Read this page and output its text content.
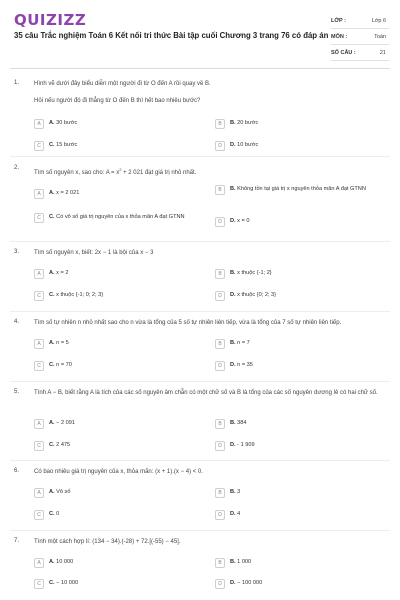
QUIZIZZ
35 câu Trắc nghiệm Toán 6 Kết nối tri thức Bài tập cuối Chương 3 trang 76 có đáp án
LỚP :	Lớp 6
MÔN :	Toán
SỐ CÂU :	21
1. Hình vẽ dưới đây biểu diễn một người đi từ O đến A rồi quay về B.
Hỏi nếu người đó đi thẳng từ O đến B thì hết bao nhiêu bước?
A	A. 30 bước	B	B. 20 bước
C	C. 15 bước	D	D. 10 bước
2.
Tìm số nguyên x, sao cho: $A = x^2 + 2$ 021 đạt giá trị nhỏ nhất.
A	A. x = 2 021	B	B. Không tồn tại giá trị x nguyên thỏa mãn A đạt GTNN
C	C. Có vô số giá trị nguyên của x thỏa mãn A đạt GTNN
D	D. x = 0
3. Tìm số nguyên x, biết: 2x − 1 là bội của x − 3
A	A. x = 2	B	B. x thuộc {-1; 2}
C	C. x thuộc {-1; 0; 2; 3}	D	D. x thuộc {0; 2; 3}
4. Tìm số tự nhiên n nhỏ nhất sao cho n vừa là tổng của 5 số tự nhiên liên tiếp, vừa là tổng của 7 số tự nhiên liên tiếp.
A	A. n = 5	B	B. n = 7
C	C. n = 70	D	D. n = 35
5. Tính A − B, biết rằng A là tích của các số nguyên âm chẵn có một chữ số và B là tổng của các số nguyên dương lẻ có hai chữ số.
A	A. − 2 091	B	B. 384
C	C. 2 475	D	D. - 1 909
6. Có bao nhiêu giá trị nguyên của x, thỏa mãn: (x + 1).(x − 4) < 0.
A	A. Vô số	B	B. 3
C	C. 0	D	D. 4
7. Tính một cách hợp lí: (134 − 34).(-28) + 72.[(-55) − 45].
A	A. 10 000	B	B. 1 000
C	C. − 10 000	D	D. − 100 000
